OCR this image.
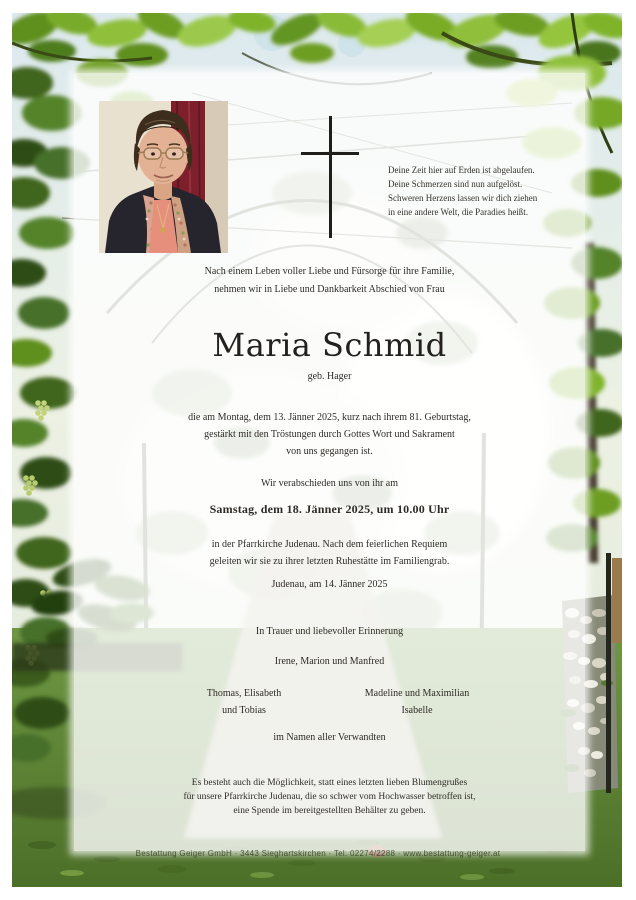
Deine Zeit hier auf Erden ist abgelaufen.
Deine Schmerzen sind nun aufgelöst.
Schweren Herzens lassen wir dich ziehen
in eine andere Welt, die Paradies heißt.
Nach einem Leben voller Liebe und Fürsorge für ihre Familie,
nehmen wir in Liebe und Dankbarkeit Abschied von Frau
Maria Schmid
geb. Hager
die am Montag, dem 13. Jänner 2025, kurz nach ihrem 81. Geburtstag,
gestärkt mit den Tröstungen durch Gottes Wort und Sakrament
von uns gegangen ist.
Wir verabschieden uns von ihr am
Samstag, dem 18. Jänner 2025, um 10.00 Uhr
in der Pfarrkirche Judenau. Nach dem feierlichen Requiem
geleiten wir sie zu ihrer letzten Ruhestätte im Familiengrab.
Judenau, am 14. Jänner 2025
In Trauer und liebevoller Erinnerung
Irene, Marion und Manfred
Thomas, Elisabeth
und Tobias
Madeline und Maximilian
Isabelle
im Namen aller Verwandten
Es besteht auch die Möglichkeit, statt eines letzten lieben Blumengrußes
für unsere Pfarrkirche Judenau, die so schwer vom Hochwasser betroffen ist,
eine Spende im bereitgestellten Behälter zu geben.
Bestattung Geiger GmbH · 3443 Sieghartskirchen · Tel. 02274/2288 · www.bestattung-geiger.at
